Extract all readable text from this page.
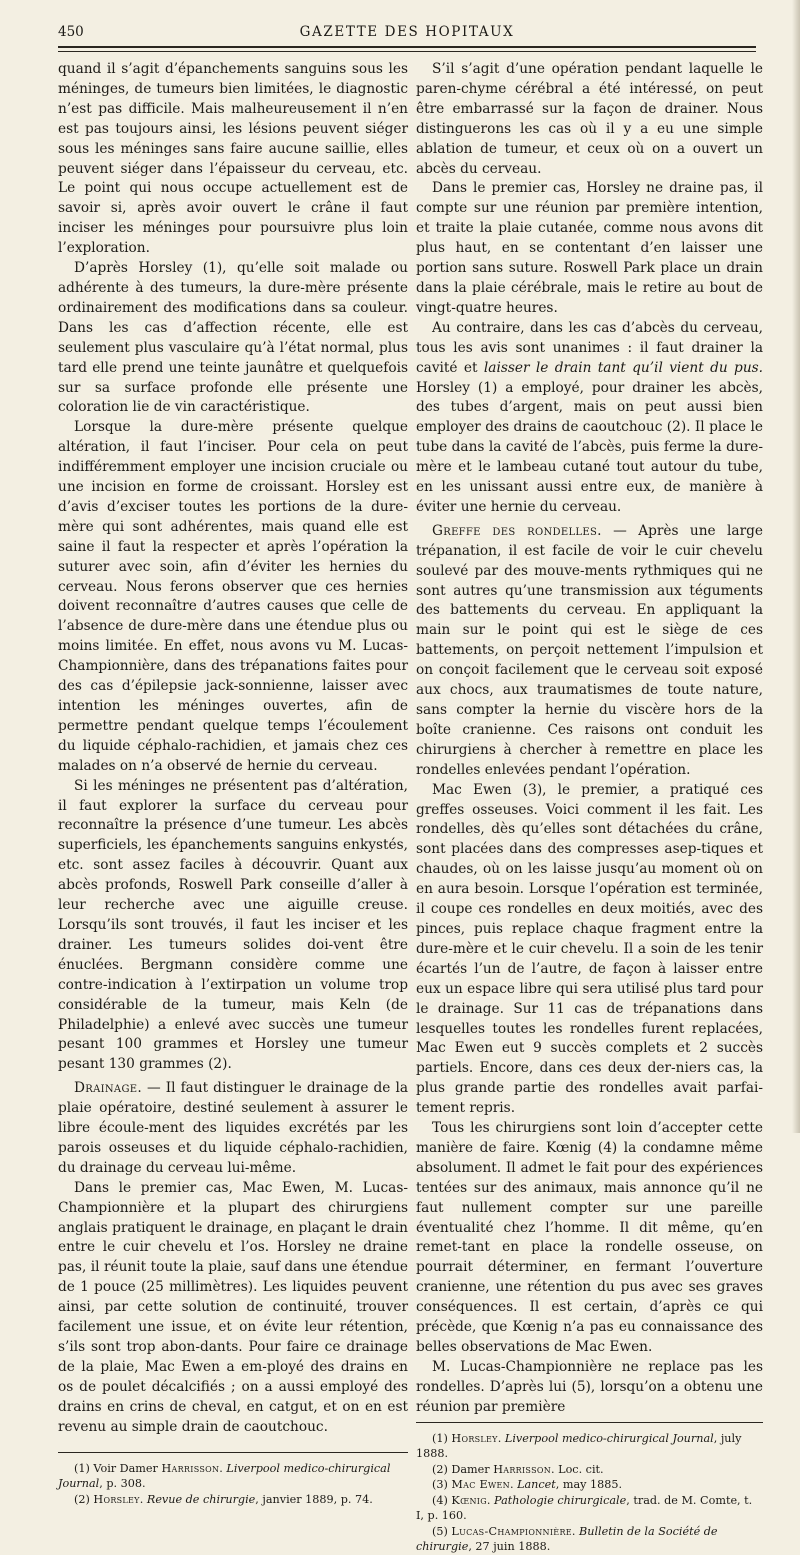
450	GAZETTE DES HOPITAUX

quand il s’agit d’épanchements sanguins sous les méninges, de tumeurs bien limitées, le diagnostic n’est pas difficile. Mais malheureusement il n’en est pas toujours ainsi, les lésions peuvent siéger sous les méninges sans faire aucune saillie, elles peuvent siéger dans l’épaisseur du cerveau, etc. Le point qui nous occupe actuellement est de savoir si, après avoir ouvert le crâne il faut inciser les méninges pour poursuivre plus loin l’exploration.

D’après Horsley (1), qu’elle soit malade ou adhérente à des tumeurs, la dure-mère présente ordinairement des modifications dans sa couleur. Dans les cas d’affection récente, elle est seulement plus vasculaire qu’à l’état normal, plus tard elle prend une teinte jaunâtre et quelquefois sur sa surface profonde elle présente une coloration lie de vin caractéristique.

Lorsque la dure-mère présente quelque altération, il faut l’inciser. Pour cela on peut indifféremment employer une incision cruciale ou une incision en forme de croissant. Horsley est d’avis d’exciser toutes les portions de la dure-mère qui sont adhérentes, mais quand elle est saine il faut la respecter et après l’opération la suturer avec soin, afin d’éviter les hernies du cerveau. Nous ferons observer que ces hernies doivent reconnaître d’autres causes que celle de l’absence de dure-mère dans une étendue plus ou moins limitée. En effet, nous avons vu M. Lucas-Championnière, dans des trépanations faites pour des cas d’épilepsie jack-sonnienne, laisser avec intention les méninges ouvertes, afin de permettre pendant quelque temps l’écoulement du liquide céphalo-rachidien, et jamais chez ces malades on n’a observé de hernie du cerveau.

Si les méninges ne présentent pas d’altération, il faut explorer la surface du cerveau pour reconnaître la présence d’une tumeur. Les abcès superficiels, les épanchements sanguins enkystés, etc. sont assez faciles à découvrir. Quant aux abcès profonds, Roswell Park conseille d’aller à leur recherche avec une aiguille creuse. Lorsqu’ils sont trouvés, il faut les inciser et les drainer. Les tumeurs solides doi-vent être énuclées. Bergmann considère comme une contre-indication à l’extirpation un volume trop considérable de la tumeur, mais Keln (de Philadelphie) a enlevé avec succès une tumeur pesant 100 grammes et Horsley une tumeur pesant 130 grammes (2).

Drainage. — Il faut distinguer le drainage de la plaie opératoire, destiné seulement à assurer le libre écoule-ment des liquides excrétés par les parois osseuses et du liquide céphalo-rachidien, du drainage du cerveau lui-même.

Dans le premier cas, Mac Ewen, M. Lucas-Championnière et la plupart des chirurgiens anglais pratiquent le drainage, en plaçant le drain entre le cuir chevelu et l’os. Horsley ne draine pas, il réunit toute la plaie, sauf dans une étendue de 1 pouce (25 millimètres). Les liquides peuvent ainsi, par cette solution de continuité, trouver facilement une issue, et on évite leur rétention, s’ils sont trop abon-dants. Pour faire ce drainage de la plaie, Mac Ewen a em-ployé des drains en os de poulet décalcifiés ; on a aussi employé des drains en crins de cheval, en catgut, et on en est revenu au simple drain de caoutchouc.

(1) Voir Damer Harrisson. Liverpool medico-chirurgical Journal, p. 308.

(2) Horsley. Revue de chirurgie, janvier 1889, p. 74.

S’il s’agit d’une opération pendant laquelle le paren-chyme cérébral a été intéressé, on peut être embarrassé sur la façon de drainer. Nous distinguerons les cas où il y a eu une simple ablation de tumeur, et ceux où on a ouvert un abcès du cerveau.

Dans le premier cas, Horsley ne draine pas, il compte sur une réunion par première intention, et traite la plaie cutanée, comme nous avons dit plus haut, en se contentant d’en laisser une portion sans suture. Roswell Park place un drain dans la plaie cérébrale, mais le retire au bout de vingt-quatre heures.

Au contraire, dans les cas d’abcès du cerveau, tous les avis sont unanimes : il faut drainer la cavité et laisser le drain tant qu’il vient du pus. Horsley (1) a employé, pour drainer les abcès, des tubes d’argent, mais on peut aussi bien employer des drains de caoutchouc (2). Il place le tube dans la cavité de l’abcès, puis ferme la dure-mère et le lambeau cutané tout autour du tube, en les unissant aussi entre eux, de manière à éviter une hernie du cerveau.

Greffe des rondelles. — Après une large trépanation, il est facile de voir le cuir chevelu soulevé par des mouve-ments rythmiques qui ne sont autres qu’une transmission aux téguments des battements du cerveau. En appliquant la main sur le point qui est le siège de ces battements, on perçoit nettement l’impulsion et on conçoit facilement que le cerveau soit exposé aux chocs, aux traumatismes de toute nature, sans compter la hernie du viscère hors de la boîte cranienne. Ces raisons ont conduit les chirurgiens à chercher à remettre en place les rondelles enlevées pendant l’opération.

Mac Ewen (3), le premier, a pratiqué ces greffes osseuses. Voici comment il les fait. Les rondelles, dès qu’elles sont détachées du crâne, sont placées dans des compresses asep-tiques et chaudes, où on les laisse jusqu’au moment où on en aura besoin. Lorsque l’opération est terminée, il coupe ces rondelles en deux moitiés, avec des pinces, puis replace chaque fragment entre la dure-mère et le cuir chevelu. Il a soin de les tenir écartés l’un de l’autre, de façon à laisser entre eux un espace libre qui sera utilisé plus tard pour le drainage. Sur 11 cas de trépanations dans lesquelles toutes les rondelles furent replacées, Mac Ewen eut 9 succès complets et 2 succès partiels. Encore, dans ces deux der-niers cas, la plus grande partie des rondelles avait parfai-tement repris.

Tous les chirurgiens sont loin d’accepter cette manière de faire. Kœnig (4) la condamne même absolument. Il admet le fait pour des expériences tentées sur des animaux, mais annonce qu’il ne faut nullement compter sur une pareille éventualité chez l’homme. Il dit même, qu’en remet-tant en place la rondelle osseuse, on pourrait déterminer, en fermant l’ouverture cranienne, une rétention du pus avec ses graves conséquences. Il est certain, d’après ce qui précède, que Kœnig n’a pas eu connaissance des belles observations de Mac Ewen.

M. Lucas-Championnière ne replace pas les rondelles. D’après lui (5), lorsqu’on a obtenu une réunion par première

(1) Horsley. Liverpool medico-chirurgical Journal, july 1888.

(2) Damer Harrisson. Loc. cit.

(3) Mac Ewen. Lancet, may 1885.

(4) Kœnig. Pathologie chirurgicale, trad. de M. Comte, t. I, p. 160.

(5) Lucas-Championnière. Bulletin de la Société de chirurgie, 27 juin 1888.
